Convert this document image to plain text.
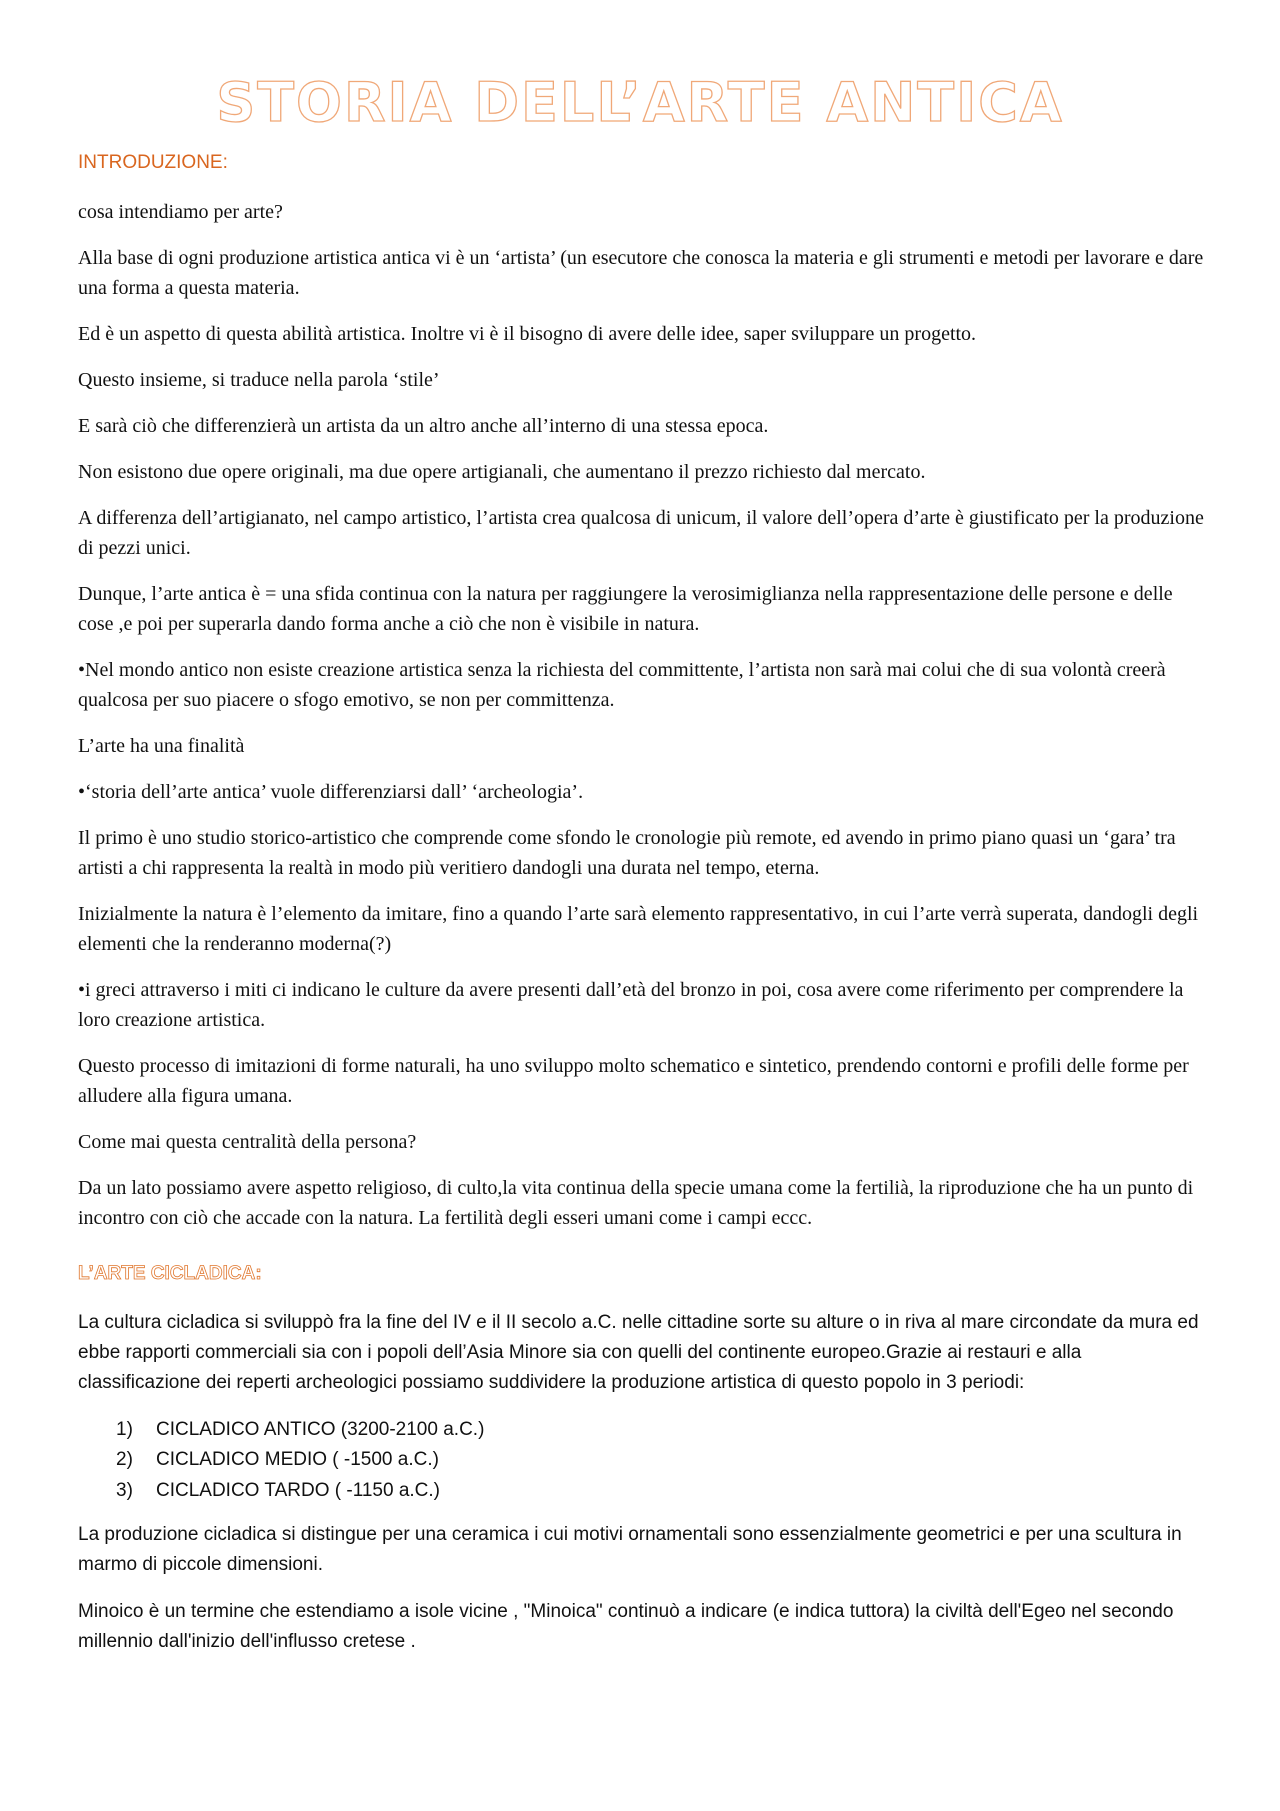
STORIA DELL’ARTE ANTICA
INTRODUZIONE:

cosa intendiamo per arte?

Alla base di ogni produzione artistica antica vi è un ‘artista’ (un esecutore che conosca la materia e gli strumenti e metodi per lavorare e dare una forma a questa materia.

Ed è un aspetto di questa abilità artistica. Inoltre vi è il bisogno di avere delle idee, saper sviluppare un progetto.

Questo insieme, si traduce nella parola ‘stile’

E sarà ciò che differenzierà un artista da un altro anche all’interno di una stessa epoca.

Non esistono due opere originali, ma due opere artigianali, che aumentano il prezzo richiesto dal mercato.

A differenza dell’artigianato, nel campo artistico, l’artista crea qualcosa di unicum, il valore dell’opera d’arte è giustificato per la produzione di pezzi unici.

Dunque, l’arte antica è = una sfida continua con la natura per raggiungere la verosimiglianza nella rappresentazione delle persone e delle cose ,e poi per superarla dando forma anche a ciò che non è visibile in natura.

•Nel mondo antico non esiste creazione artistica senza la richiesta del committente, l’artista non sarà mai colui che di sua volontà creerà qualcosa per suo piacere o sfogo emotivo, se non per committenza.

L’arte ha una finalità

•‘storia dell’arte antica’ vuole differenziarsi dall’ ‘archeologia’.

Il primo è uno studio storico-artistico che comprende come sfondo le cronologie più remote, ed avendo in primo piano quasi un ‘gara’ tra artisti a chi rappresenta la realtà in modo più veritiero dandogli una durata nel tempo, eterna.

Inizialmente la natura è l’elemento da imitare, fino a quando l’arte sarà elemento rappresentativo, in cui l’arte verrà superata, dandogli degli elementi che la renderanno moderna(?)

•i greci attraverso i miti ci indicano le culture da avere presenti dall’età del bronzo in poi, cosa avere come riferimento per comprendere la loro creazione artistica.

Questo processo di imitazioni di forme naturali, ha uno sviluppo molto schematico e sintetico, prendendo contorni e profili delle forme per alludere alla figura umana.

Come mai questa centralità della persona?

Da un lato possiamo avere aspetto religioso, di culto,la vita continua della specie umana come la fertilià, la riproduzione che ha un punto di incontro con ciò che accade con la natura. La fertilità degli esseri umani come i campi eccc.

L’ARTE CICLADICA:

La cultura cicladica si sviluppò fra la fine del IV e il II secolo a.C. nelle cittadine sorte su alture o in riva al mare circondate da mura ed ebbe rapporti commerciali sia con i popoli dell’Asia Minore sia con quelli del continente europeo.Grazie ai restauri e alla classificazione dei reperti archeologici possiamo suddividere la produzione artistica di questo popolo in 3 periodi:

1)	CICLADICO ANTICO (3200-2100 a.C.)
2)	CICLADICO MEDIO ( -1500 a.C.)
3)	CICLADICO TARDO ( -1150 a.C.)

La produzione cicladica si distingue per una ceramica i cui motivi ornamentali sono essenzialmente geometrici e per una scultura in marmo di piccole dimensioni.

Minoico è un termine che estendiamo a isole vicine , "Minoica" continuò a indicare (e indica tuttora) la civiltà dell'Egeo nel secondo millennio dall'inizio dell'influsso cretese .
